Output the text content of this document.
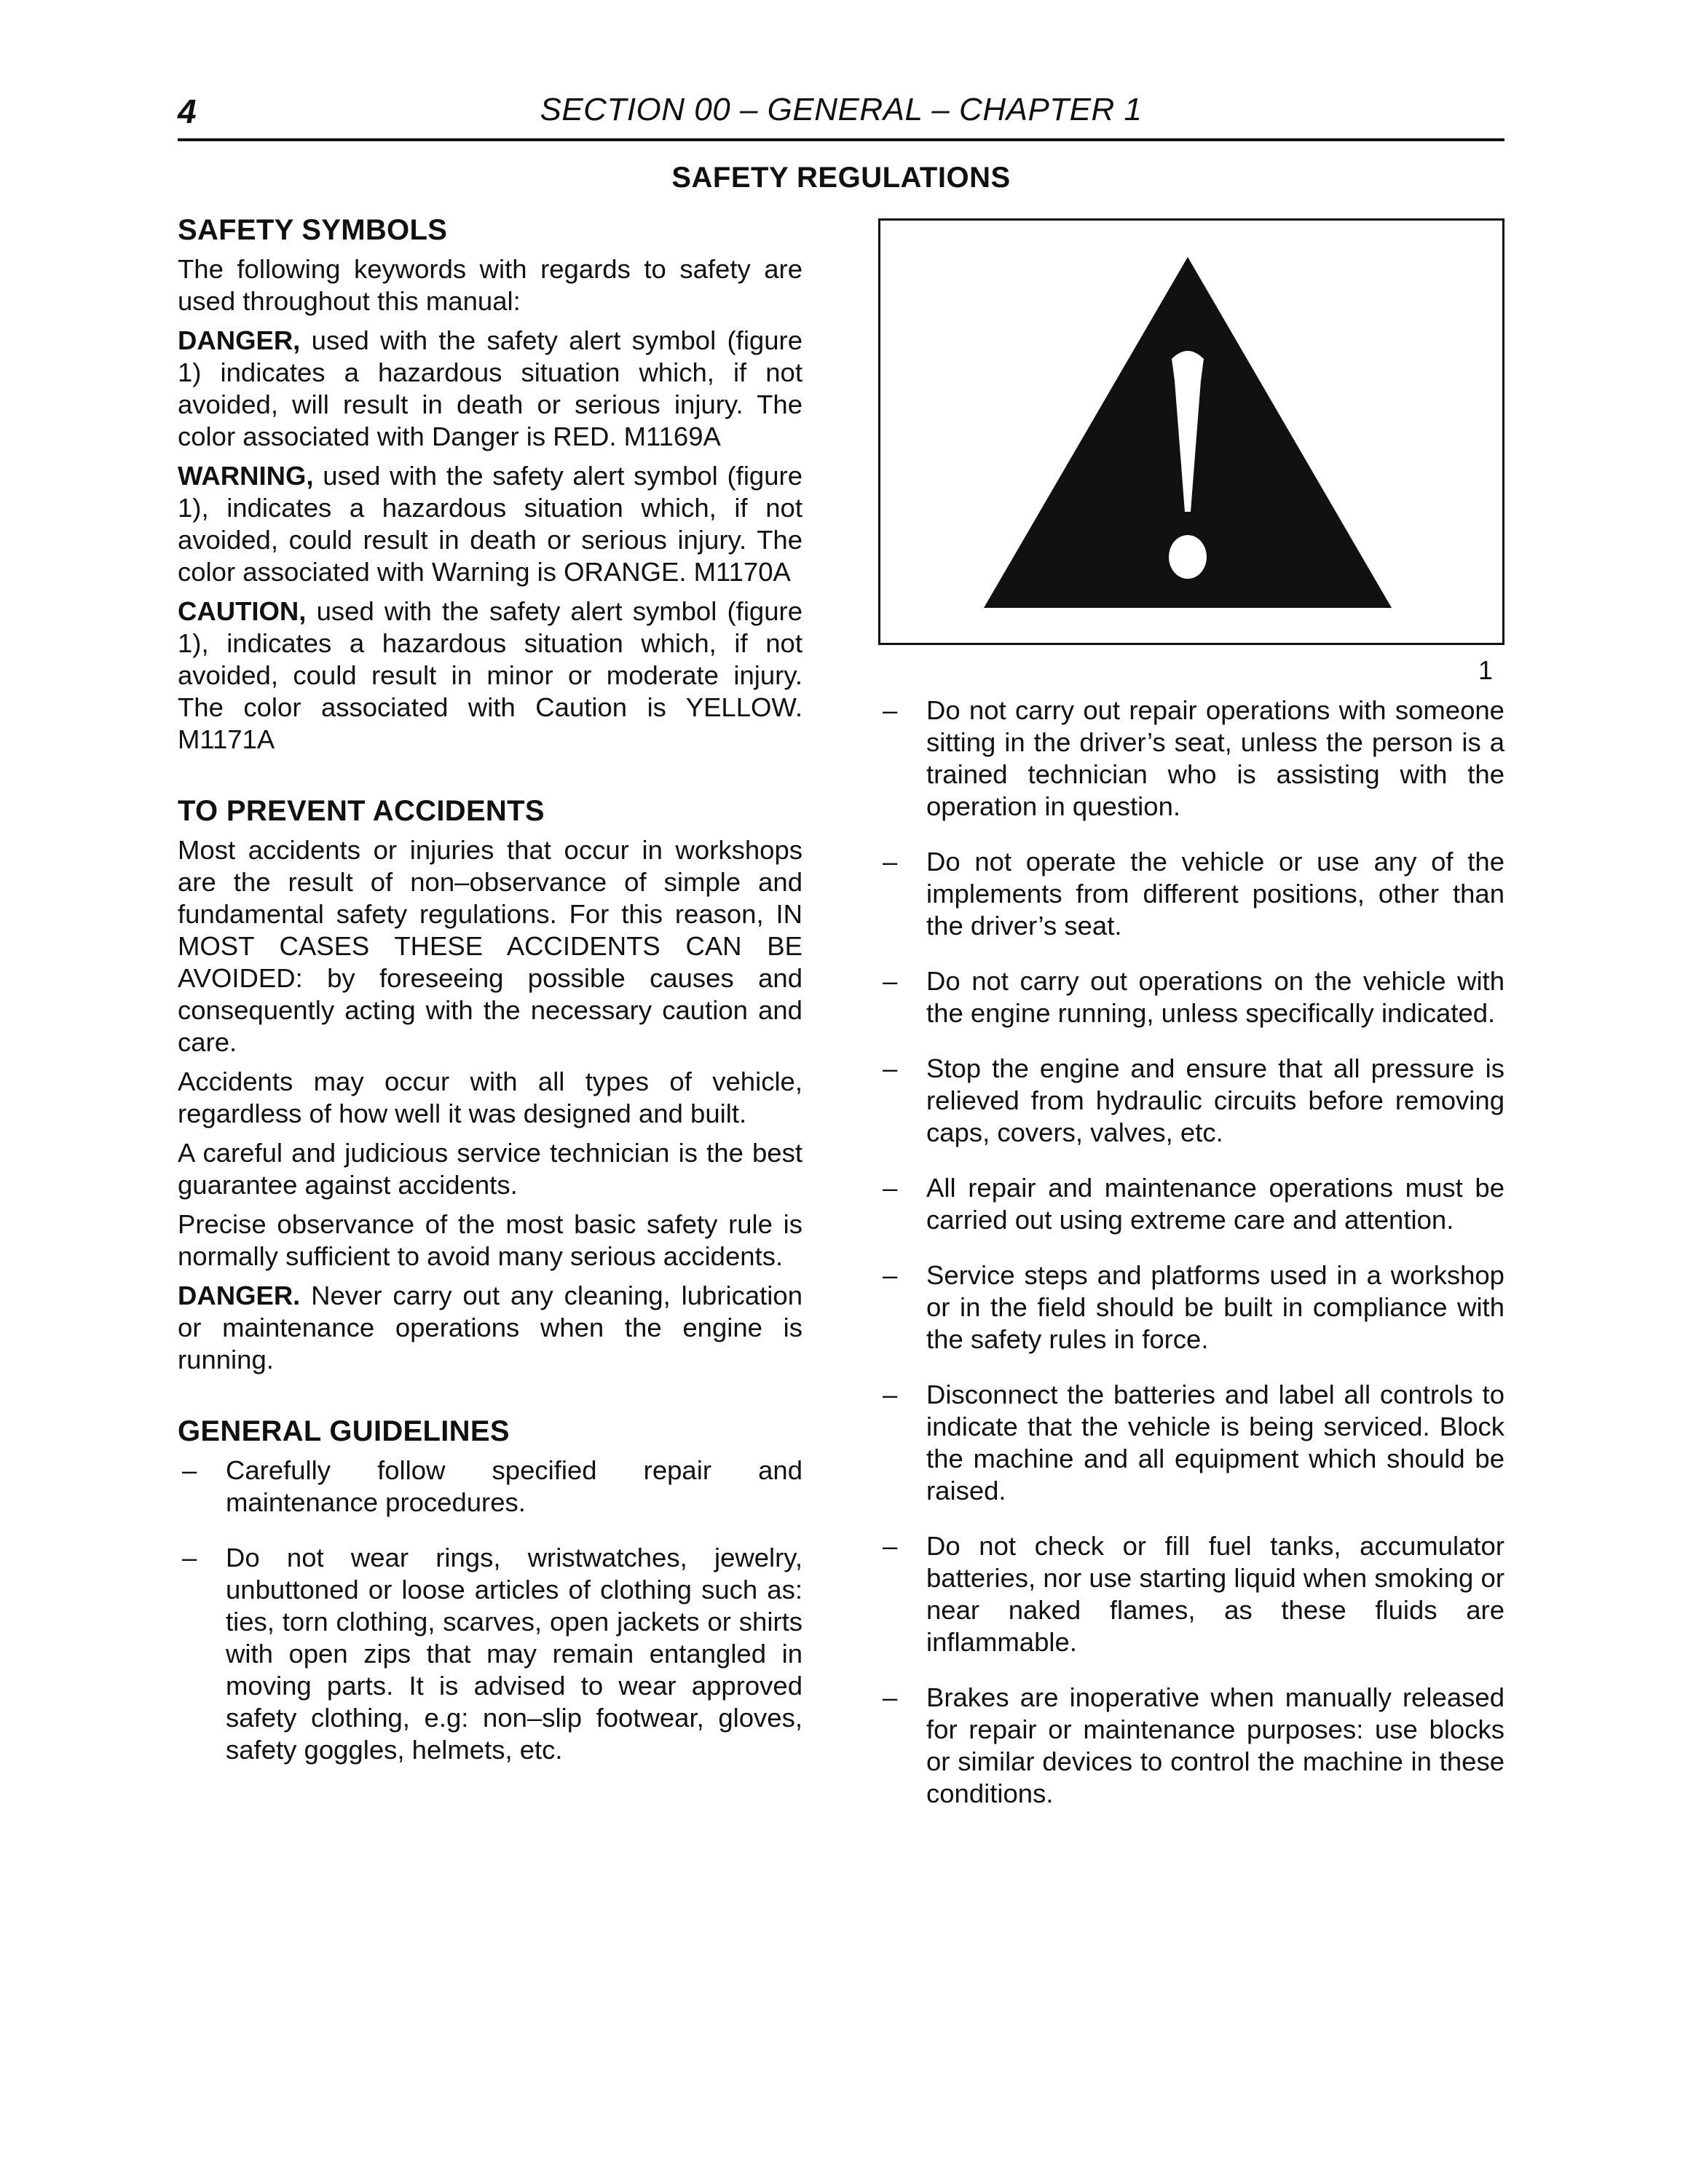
4	SECTION 00 – GENERAL – CHAPTER 1
SAFETY REGULATIONS
SAFETY SYMBOLS

The following keywords with regards to safety are used throughout this manual:

DANGER, used with the safety alert symbol (figure 1) indicates a hazardous situation which, if not avoided, will result in death or serious injury. The color associated with Danger is RED. M1169A

WARNING, used with the safety alert symbol (figure 1), indicates a hazardous situation which, if not avoided, could result in death or serious injury. The color associated with Warning is ORANGE. M1170A

CAUTION, used with the safety alert symbol (figure 1), indicates a hazardous situation which, if not avoided, could result in minor or moderate injury. The color associated with Caution is YELLOW. M1171A

TO PREVENT ACCIDENTS

Most accidents or injuries that occur in workshops are the result of non–observance of simple and fundamental safety regulations. For this reason, IN MOST CASES THESE ACCIDENTS CAN BE AVOIDED: by foreseeing possible causes and consequently acting with the necessary caution and care.

Accidents may occur with all types of vehicle, regardless of how well it was designed and built.

A careful and judicious service technician is the best guarantee against accidents.

Precise observance of the most basic safety rule is normally sufficient to avoid many serious accidents.

DANGER. Never carry out any cleaning, lubrication or maintenance operations when the engine is running.

GENERAL GUIDELINES
– Carefully follow specified repair and maintenance procedures.
– Do not wear rings, wristwatches, jewelry, unbuttoned or loose articles of clothing such as: ties, torn clothing, scarves, open jackets or shirts with open zips that may remain entangled in moving parts. It is advised to wear approved safety clothing, e.g: non–slip footwear, gloves, safety goggles, helmets, etc.
1
– Do not carry out repair operations with someone sitting in the driver’s seat, unless the person is a trained technician who is assisting with the operation in question.
– Do not operate the vehicle or use any of the implements from different positions, other than the driver’s seat.
– Do not carry out operations on the vehicle with the engine running, unless specifically indicated.
– Stop the engine and ensure that all pressure is relieved from hydraulic circuits before removing caps, covers, valves, etc.
– All repair and maintenance operations must be carried out using extreme care and attention.
– Service steps and platforms used in a workshop or in the field should be built in compliance with the safety rules in force.
– Disconnect the batteries and label all controls to indicate that the vehicle is being serviced. Block the machine and all equipment which should be raised.
– Do not check or fill fuel tanks, accumulator batteries, nor use starting liquid when smoking or near naked flames, as these fluids are inflammable.
– Brakes are inoperative when manually released for repair or maintenance purposes: use blocks or similar devices to control the machine in these conditions.
